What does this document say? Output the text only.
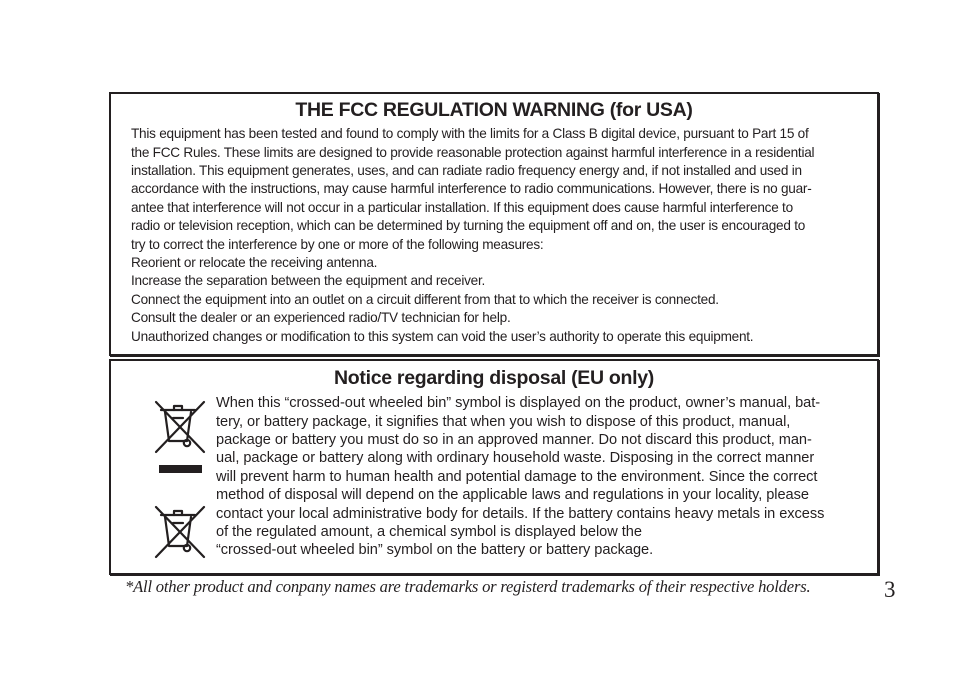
THE FCC REGULATION WARNING (for USA)
This equipment has been tested and found to comply with the limits for a Class B digital device, pursuant to Part 15 of
the FCC Rules. These limits are designed to provide reasonable protection against harmful interference in a residential
installation. This equipment generates, uses, and can radiate radio frequency energy and, if not installed and used in
accordance with the instructions, may cause harmful interference to radio communications. However, there is no guar-
antee that interference will not occur in a particular installation. If this equipment does cause harmful interference to
radio or television reception, which can be determined by turning the equipment off and on, the user is encouraged to
try to correct the interference by one or more of the following measures:
Reorient or relocate the receiving antenna.
Increase the separation between the equipment and receiver.
Connect the equipment into an outlet on a circuit different from that to which the receiver is connected.
Consult the dealer or an experienced radio/TV technician for help.
Unauthorized changes or modification to this system can void the user’s authority to operate this equipment.
Notice regarding disposal (EU only)
When this “crossed-out wheeled bin” symbol is displayed on the product, owner’s manual, bat-
tery, or battery package, it signifies that when you wish to dispose of this product, manual,
package or battery you must do so in an approved manner. Do not discard this product, man-
ual, package or battery along with ordinary household waste. Disposing in the correct manner
will prevent harm to human health and potential damage to the environment. Since the correct
method of disposal will depend on the applicable laws and regulations in your locality, please
contact your local administrative body for details. If the battery contains heavy metals in excess
of the regulated amount, a chemical symbol is displayed below the
“crossed-out wheeled bin” symbol on the battery or battery package.
*All other product and conpany names are trademarks or registerd trademarks of their respective holders.	3
